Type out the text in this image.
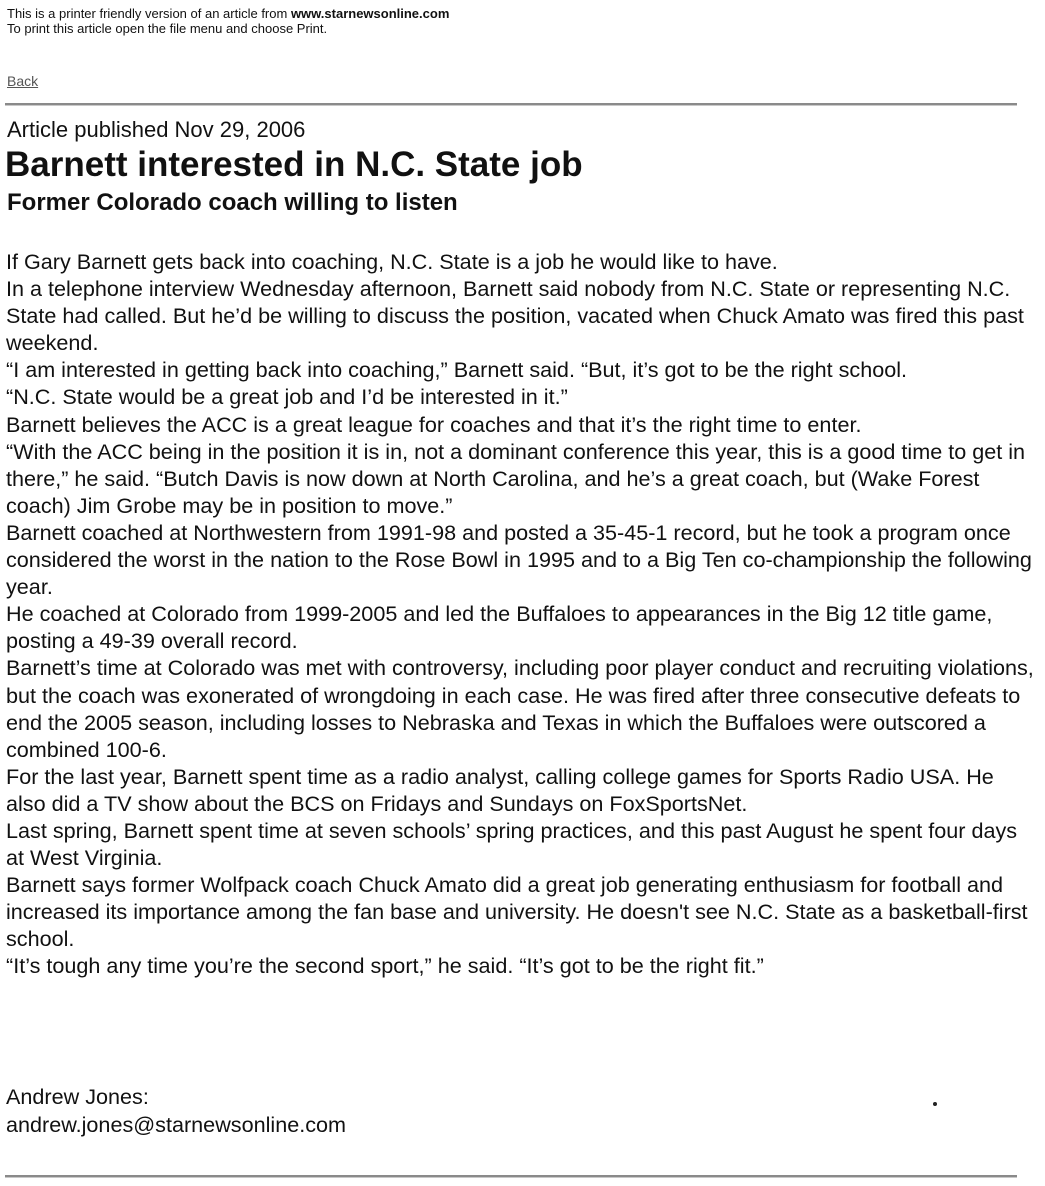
This is a printer friendly version of an article from www.starnewsonline.com
To print this article open the file menu and choose Print.
Back
Article published Nov 29, 2006
Barnett interested in N.C. State job
Former Colorado coach willing to listen

If Gary Barnett gets back into coaching, N.C. State is a job he would like to have.

In a telephone interview Wednesday afternoon, Barnett said nobody from N.C. State or representing N.C. State had called. But he’d be willing to discuss the position, vacated when Chuck Amato was fired this past weekend.

“I am interested in getting back into coaching,” Barnett said. “But, it’s got to be the right school.

“N.C. State would be a great job and I’d be interested in it.”

Barnett believes the ACC is a great league for coaches and that it’s the right time to enter.

“With the ACC being in the position it is in, not a dominant conference this year, this is a good time to get in there,” he said. “Butch Davis is now down at North Carolina, and he’s a great coach, but (Wake Forest coach) Jim Grobe may be in position to move.”

Barnett coached at Northwestern from 1991-98 and posted a 35-45-1 record, but he took a program once considered the worst in the nation to the Rose Bowl in 1995 and to a Big Ten co-championship the following year.

He coached at Colorado from 1999-2005 and led the Buffaloes to appearances in the Big 12 title game, posting a 49-39 overall record.

Barnett’s time at Colorado was met with controversy, including poor player conduct and recruiting violations, but the coach was exonerated of wrongdoing in each case. He was fired after three consecutive defeats to end the 2005 season, including losses to Nebraska and Texas in which the Buffaloes were outscored a combined 100-6.

For the last year, Barnett spent time as a radio analyst, calling college games for Sports Radio USA. He also did a TV show about the BCS on Fridays and Sundays on FoxSportsNet.

Last spring, Barnett spent time at seven schools’ spring practices, and this past August he spent four days at West Virginia.

Barnett says former Wolfpack coach Chuck Amato did a great job generating enthusiasm for football and increased its importance among the fan base and university. He doesn't see N.C. State as a basketball-first school.

“It’s tough any time you’re the second sport,” he said. “It’s got to be the right fit.”

Andrew Jones:
andrew.jones@starnewsonline.com
